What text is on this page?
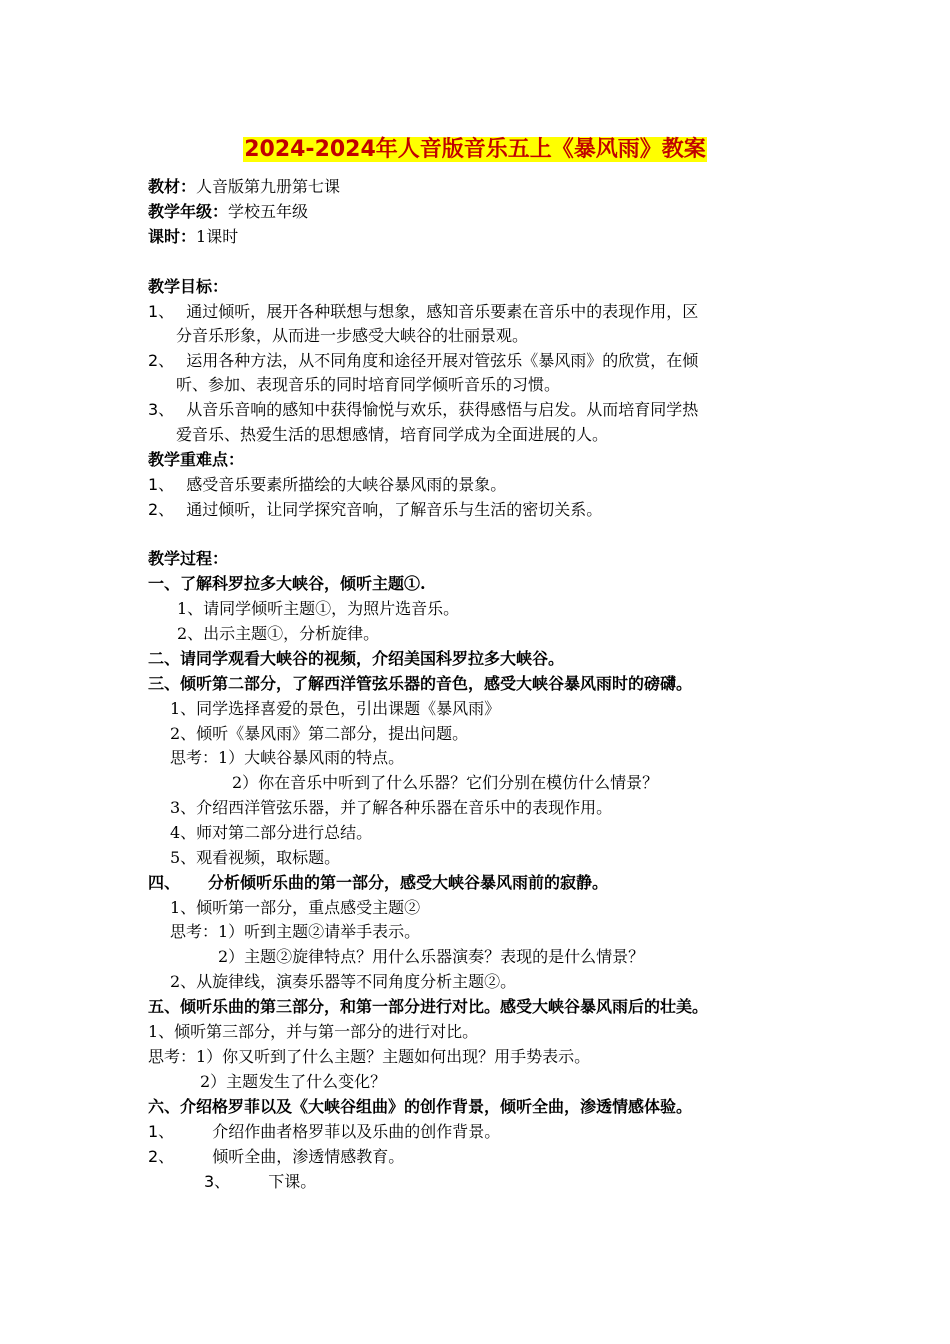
2024-2024年人音版音乐五上《暴风雨》教案
教材：人音版第九册第七课
教学年级：学校五年级
课时：1课时
教学目标：
1、 通过倾听，展开各种联想与想象，感知音乐要素在音乐中的表现作用，区
分音乐形象，从而进一步感受大峡谷的壮丽景观。
2、 运用各种方法，从不同角度和途径开展对管弦乐《暴风雨》的欣赏，在倾
听、参加、表现音乐的同时培育同学倾听音乐的习惯。
3、 从音乐音响的感知中获得愉悦与欢乐，获得感悟与启发。从而培育同学热
爱音乐、热爱生活的思想感情，培育同学成为全面进展的人。
教学重难点：
1、 感受音乐要素所描绘的大峡谷暴风雨的景象。
2、 通过倾听，让同学探究音响，了解音乐与生活的密切关系。
教学过程：
一、了解科罗拉多大峡谷，倾听主题①.
1、请同学倾听主题①，为照片选音乐。
2、出示主题①，分析旋律。
二、请同学观看大峡谷的视频，介绍美国科罗拉多大峡谷。
三、倾听第二部分，了解西洋管弦乐器的音色，感受大峡谷暴风雨时的磅礴。
1、同学选择喜爱的景色，引出课题《暴风雨》
2、倾听《暴风雨》第二部分，提出问题。
思考：1）大峡谷暴风雨的特点。
2）你在音乐中听到了什么乐器？它们分别在模仿什么情景？
3、介绍西洋管弦乐器，并了解各种乐器在音乐中的表现作用。
4、师对第二部分进行总结。
5、观看视频，取标题。
四、 分析倾听乐曲的第一部分，感受大峡谷暴风雨前的寂静。
1、倾听第一部分，重点感受主题②
思考：1）听到主题②请举手表示。
2）主题②旋律特点？用什么乐器演奏？表现的是什么情景？
2、从旋律线，演奏乐器等不同角度分析主题②。
五、倾听乐曲的第三部分，和第一部分进行对比。感受大峡谷暴风雨后的壮美。
1、倾听第三部分，并与第一部分的进行对比。
思考：1）你又听到了什么主题？主题如何出现？用手势表示。
2）主题发生了什么变化？
六、介绍格罗菲以及《大峡谷组曲》的创作背景，倾听全曲，渗透情感体验。
1、 介绍作曲者格罗菲以及乐曲的创作背景。
2、 倾听全曲，渗透情感教育。
3、 下课。
